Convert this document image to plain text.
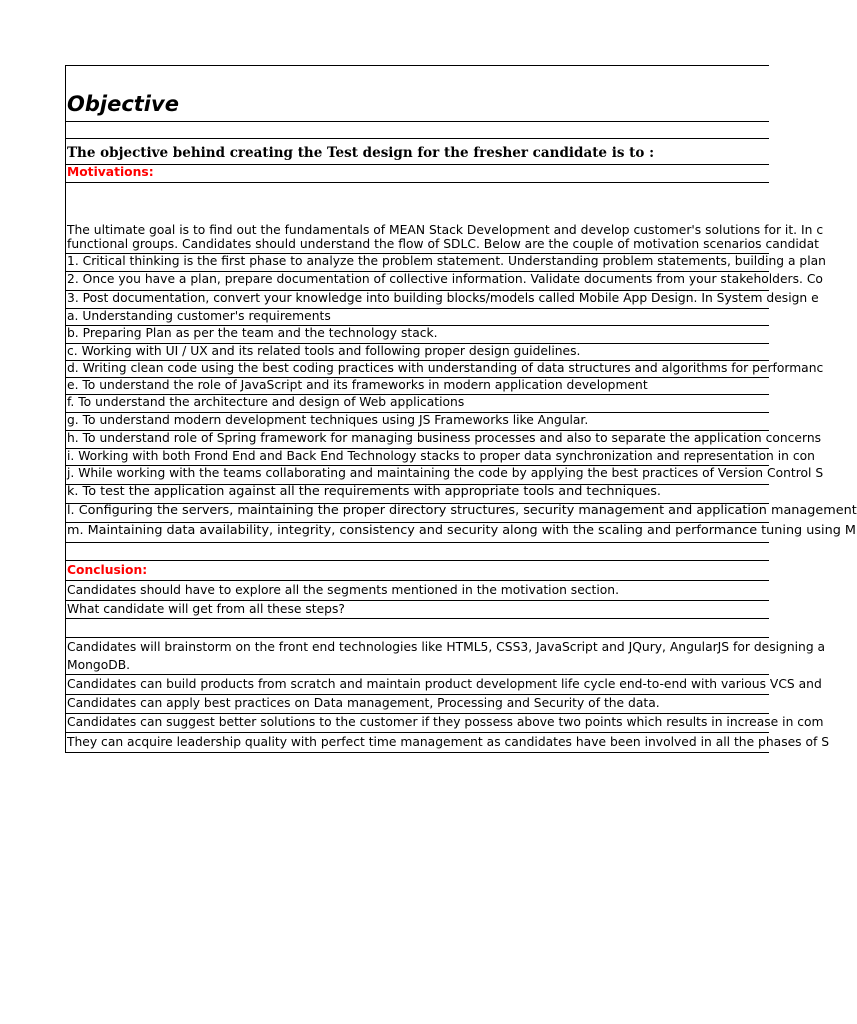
Objective
The objective behind creating the Test design for the fresher candidate is to :
Motivations:
The ultimate goal is to find out the fundamentals of MEAN Stack Development and develop customer's solutions for it. In c
functional groups. Candidates should understand the flow of SDLC. Below are the couple of motivation scenarios candidat
1. Critical thinking is the first phase to analyze the problem statement. Understanding problem statements, building a plan
2. Once you have a plan, prepare documentation of collective information. Validate documents from your stakeholders. Co
3. Post documentation, convert your knowledge into building blocks/models called Mobile App Design. In System design e
a. Understanding customer's requirements
b. Preparing Plan as per the team and the technology stack.
c. Working with UI / UX and its related tools and following proper design guidelines.
d. Writing clean code using the best coding practices with understanding of data structures and algorithms for performanc
e. To understand the role of JavaScript and its frameworks in modern application development
f. To understand the architecture and design of Web applications
g. To understand modern development techniques using JS Frameworks like Angular.
h. To understand role of Spring framework for managing business processes and also to separate the application concerns
i. Working with both Frond End and Back End Technology stacks to proper data synchronization and representation in con
j. While working with the teams collaborating and maintaining the code by applying the best practices of Version Control S
k. To test the application against all the requirements with appropriate tools and techniques.
l. Configuring the servers, maintaining the proper directory structures, security management and application management
m. Maintaining data availability, integrity, consistency and security along with the scaling and performance tuning using M
Conclusion:
Candidates should have to explore all the segments mentioned in the motivation section.
What candidate will get from all these steps?
Candidates will brainstorm on the front end technologies like HTML5, CSS3, JavaScript and JQury, AngularJS for designing a
MongoDB.
Candidates can build products from scratch and maintain product development life cycle end-to-end with various VCS and
Candidates can apply best practices on Data management, Processing and Security of the data.
Candidates can suggest better solutions to the customer if they possess above two points which results in increase in com
They can acquire leadership quality with perfect time management as candidates have been involved in all the phases of S
